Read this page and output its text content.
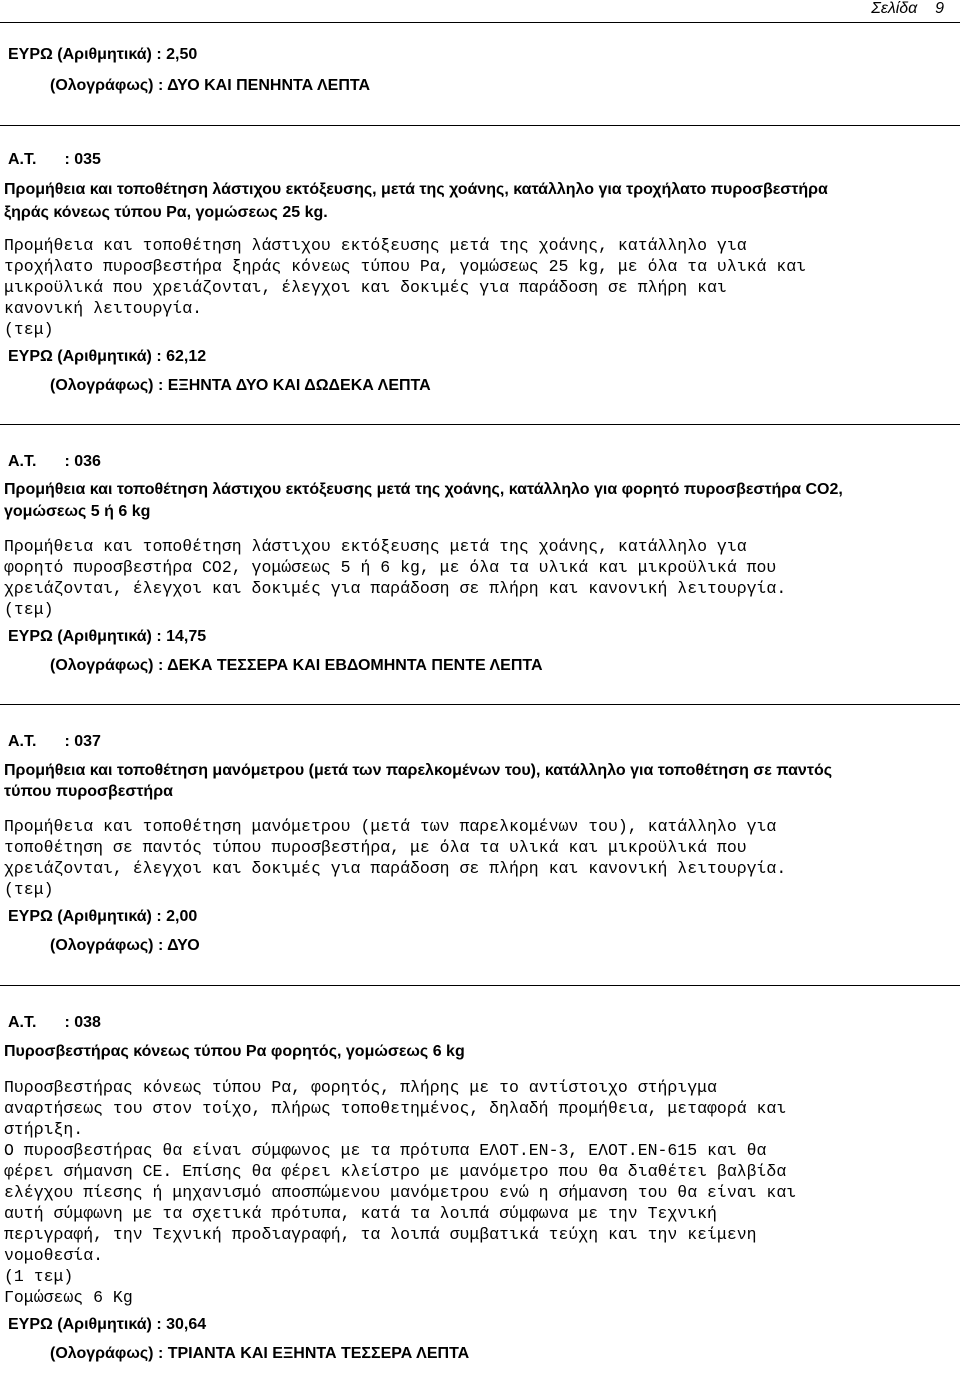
Σελίδα 9
ΕΥΡΩ (Αριθμητικά) : 2,50
(Ολογράφως) : ΔΥΟ ΚΑΙ ΠΕΝΗΝΤΑ ΛΕΠΤΑ
Α.Τ. : 035
Προμήθεια και τοποθέτηση λάστιχου εκτόξευσης, μετά της χοάνης, κατάλληλο για τροχήλατο πυροσβεστήρα
ξηράς κόνεως τύπου Ρα, γομώσεως 25 kg.
Προμήθεια και τοποθέτηση λάστιχου εκτόξευσης μετά της χοάνης, κατάλληλο για
τροχήλατο πυροσβεστήρα ξηράς κόνεως τύπου Ρα, γομώσεως 25 kg, με όλα τα υλικά και
μικροϋλικά που χρειάζονται, έλεγχοι και δοκιμές για παράδοση σε πλήρη και
κανονική λειτουργία.
(τεμ)
ΕΥΡΩ (Αριθμητικά) : 62,12
(Ολογράφως) : ΕΞΗΝΤΑ ΔΥΟ ΚΑΙ ΔΩΔΕΚΑ ΛΕΠΤΑ
Α.Τ. : 036
Προμήθεια και τοποθέτηση λάστιχου εκτόξευσης μετά της χοάνης, κατάλληλο για φορητό πυροσβεστήρα CO2,
γομώσεως 5 ή 6 kg
Προμήθεια και τοποθέτηση λάστιχου εκτόξευσης μετά της χοάνης, κατάλληλο για
φορητό πυροσβεστήρα CO2, γομώσεως 5 ή 6 kg, με όλα τα υλικά και μικροϋλικά που
χρειάζονται, έλεγχοι και δοκιμές για παράδοση σε πλήρη και κανονική λειτουργία.
(τεμ)
ΕΥΡΩ (Αριθμητικά) : 14,75
(Ολογράφως) : ΔΕΚΑ ΤΕΣΣΕΡΑ ΚΑΙ ΕΒΔΟΜΗΝΤΑ ΠΕΝΤΕ ΛΕΠΤΑ
Α.Τ. : 037
Προμήθεια και τοποθέτηση μανόμετρου (μετά των παρελκομένων του), κατάλληλο για τοποθέτηση σε παντός
τύπου πυροσβεστήρα
Προμήθεια και τοποθέτηση μανόμετρου (μετά των παρελκομένων του), κατάλληλο για
τοποθέτηση σε παντός τύπου πυροσβεστήρα, με όλα τα υλικά και μικροϋλικά που
χρειάζονται, έλεγχοι και δοκιμές για παράδοση σε πλήρη και κανονική λειτουργία.
(τεμ)
ΕΥΡΩ (Αριθμητικά) : 2,00
(Ολογράφως) : ΔΥΟ
Α.Τ. : 038
Πυροσβεστήρας κόνεως τύπου Ρα φορητός, γομώσεως 6 kg
Πυροσβεστήρας κόνεως τύπου Ρα, φορητός, πλήρης με το αντίστοιχο στήριγμα
αναρτήσεως του στον τοίχο, πλήρως τοποθετημένος, δηλαδή προμήθεια, μεταφορά και
στήριξη.
Ο πυροσβεστήρας θα είναι σύμφωνος με τα πρότυπα ΕΛΟΤ.ΕΝ-3, ΕΛΟΤ.ΕΝ-615 και θα
φέρει σήμανση CE. Επίσης θα φέρει κλείστρο με μανόμετρο που θα διαθέτει βαλβίδα
ελέγχου πίεσης ή μηχανισμό αποσπώμενου μανόμετρου ενώ η σήμανση του θα είναι και
αυτή σύμφωνη με τα σχετικά πρότυπα, κατά τα λοιπά σύμφωνα με την Τεχνική
περιγραφή, την Τεχνική προδιαγραφή, τα λοιπά συμβατικά τεύχη και την κείμενη
νομοθεσία.
(1 τεμ)
Γομώσεως 6 Kg
ΕΥΡΩ (Αριθμητικά) : 30,64
(Ολογράφως) : ΤΡΙΑΝΤΑ ΚΑΙ ΕΞΗΝΤΑ ΤΕΣΣΕΡΑ ΛΕΠΤΑ
